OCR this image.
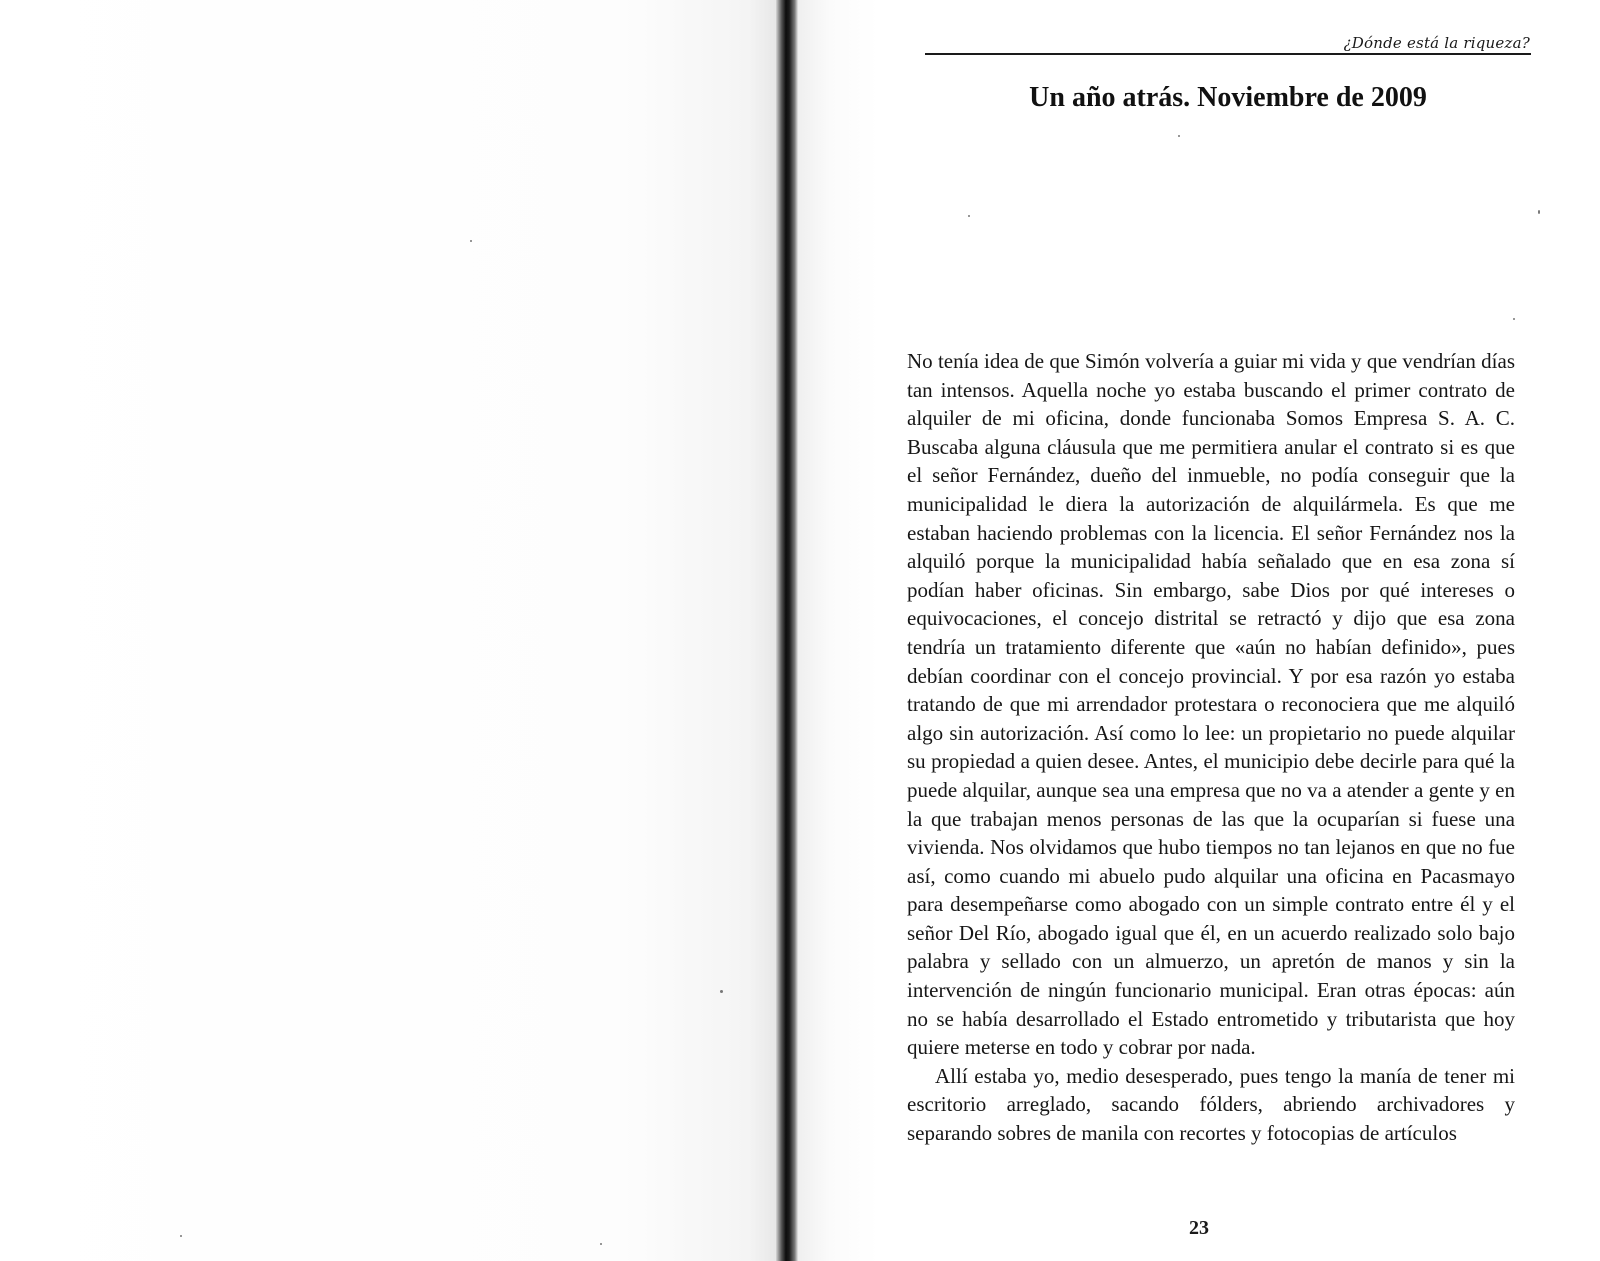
¿Dónde está la riqueza?
Un año atrás. Noviembre de 2009

No tenía idea de que Simón volvería a guiar mi vida y que vendrían días tan intensos. Aquella noche yo estaba buscando el primer contrato de alquiler de mi oficina, donde funcionaba Somos Empresa S. A. C. Buscaba alguna cláusula que me permitiera anular el contrato si es que el señor Fernández, dueño del inmueble, no podía conseguir que la municipalidad le diera la autorización de alquilármela. Es que me estaban haciendo problemas con la licencia. El señor Fernández nos la alquiló porque la municipalidad había señalado que en esa zona sí podían haber oficinas. Sin embargo, sabe Dios por qué intereses o equivocaciones, el concejo distrital se retractó y dijo que esa zona tendría un tratamiento diferente que «aún no habían definido», pues debían coordinar con el concejo provincial. Y por esa razón yo estaba tratando de que mi arrendador protestara o reconociera que me alquiló algo sin autorización. Así como lo lee: un propietario no puede alquilar su propiedad a quien desee. Antes, el municipio debe decirle para qué la puede alquilar, aunque sea una empresa que no va a atender a gente y en la que trabajan menos personas de las que la ocuparían si fuese una vivienda. Nos olvidamos que hubo tiempos no tan lejanos en que no fue así, como cuando mi abuelo pudo alquilar una oficina en Pacasmayo para desempeñarse como abogado con un simple contrato entre él y el señor Del Río, abogado igual que él, en un acuerdo realizado solo bajo palabra y sellado con un almuerzo, un apretón de manos y sin la intervención de ningún funcionario municipal. Eran otras épocas: aún no se había desarrollado el Estado entrometido y tributarista que hoy quiere meterse en todo y cobrar por nada.

Allí estaba yo, medio desesperado, pues tengo la manía de tener mi escritorio arreglado, sacando fólders, abriendo archivadores y separando sobres de manila con recortes y fotocopias de artículos

23
